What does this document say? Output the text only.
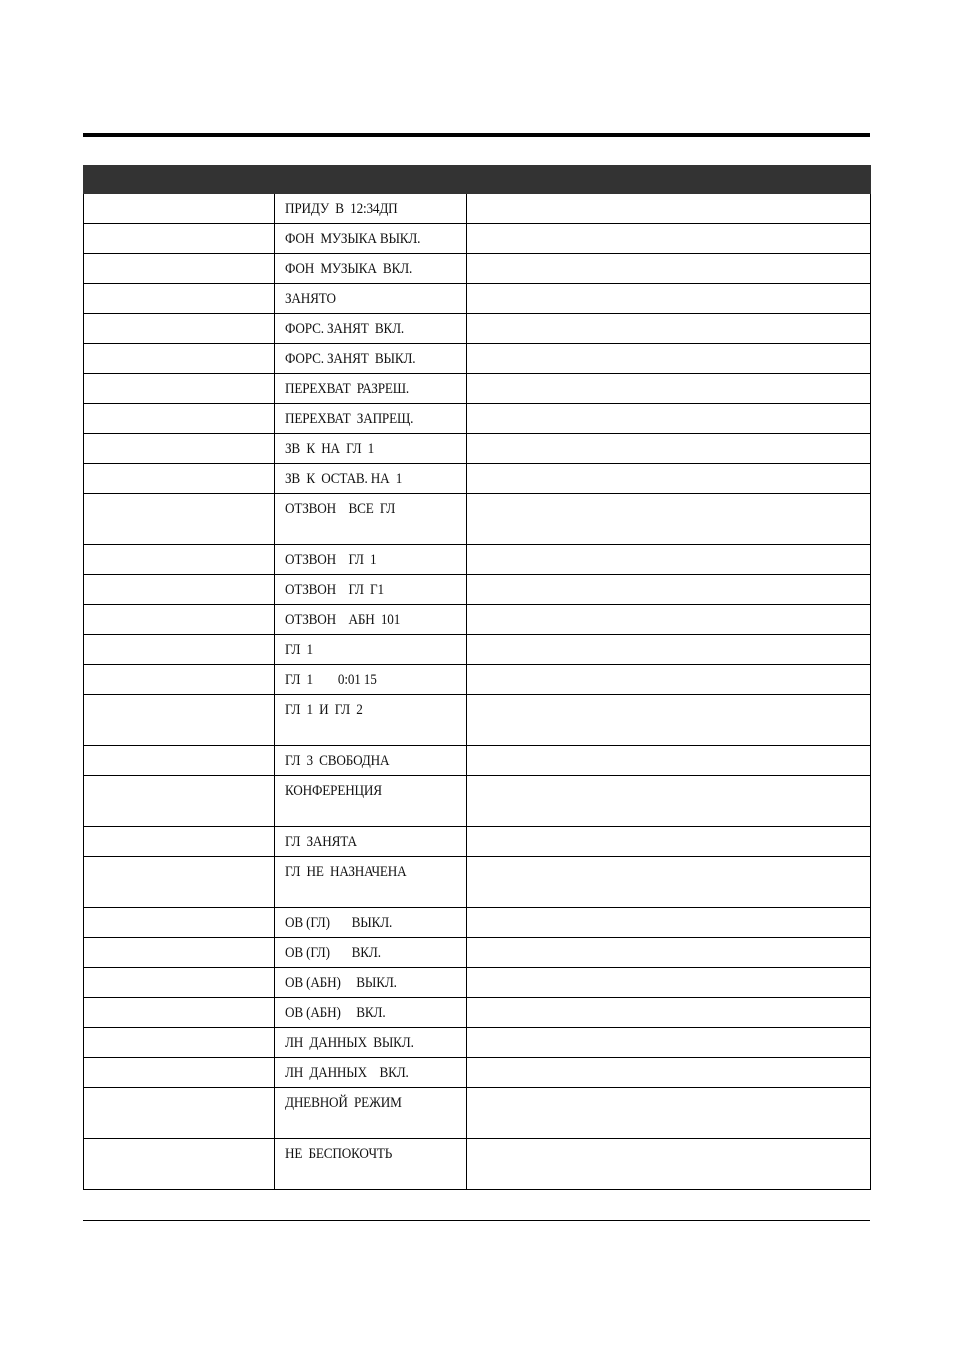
	ПРИДУ  В  12:34ДП	
	ФОН  МУЗЫКА ВЫКЛ.	
	ФОН  МУЗЫКА  ВКЛ.	
	ЗАНЯТО	
	ФОРС. ЗАНЯТ  ВКЛ.	
	ФОРС. ЗАНЯТ  ВЫКЛ.	
	ПЕРЕХВАТ  РАЗРЕШ.	
	ПЕРЕХВАТ  ЗАПРЕЩ.	
	ЗВ  К  НА  ГЛ  1	
	ЗВ  К  ОСТАВ. НА  1	
	ОТЗВОН    ВСЕ  ГЛ	
	ОТЗВОН    ГЛ  1	
	ОТЗВОН    ГЛ  Г1	
	ОТЗВОН    АБН  101	
	ГЛ  1	
	ГЛ  1        0:01 15	
	ГЛ  1  И  ГЛ  2	
	ГЛ  3  СВОБОДНА	
	КОНФЕРЕНЦИЯ	
	ГЛ  ЗАНЯТА	
	ГЛ  НЕ  НАЗНАЧЕНА	
	ОВ (ГЛ)       ВЫКЛ.	
	ОВ (ГЛ)       ВКЛ.	
	ОВ (АБН)     ВЫКЛ.	
	ОВ (АБН)     ВКЛ.	
	ЛН  ДАННЫХ  ВЫКЛ.	
	ЛН  ДАННЫХ    ВКЛ.	
	ДНЕВНОЙ  РЕЖИМ	
	НЕ  БЕСПОКОЧТЬ	
